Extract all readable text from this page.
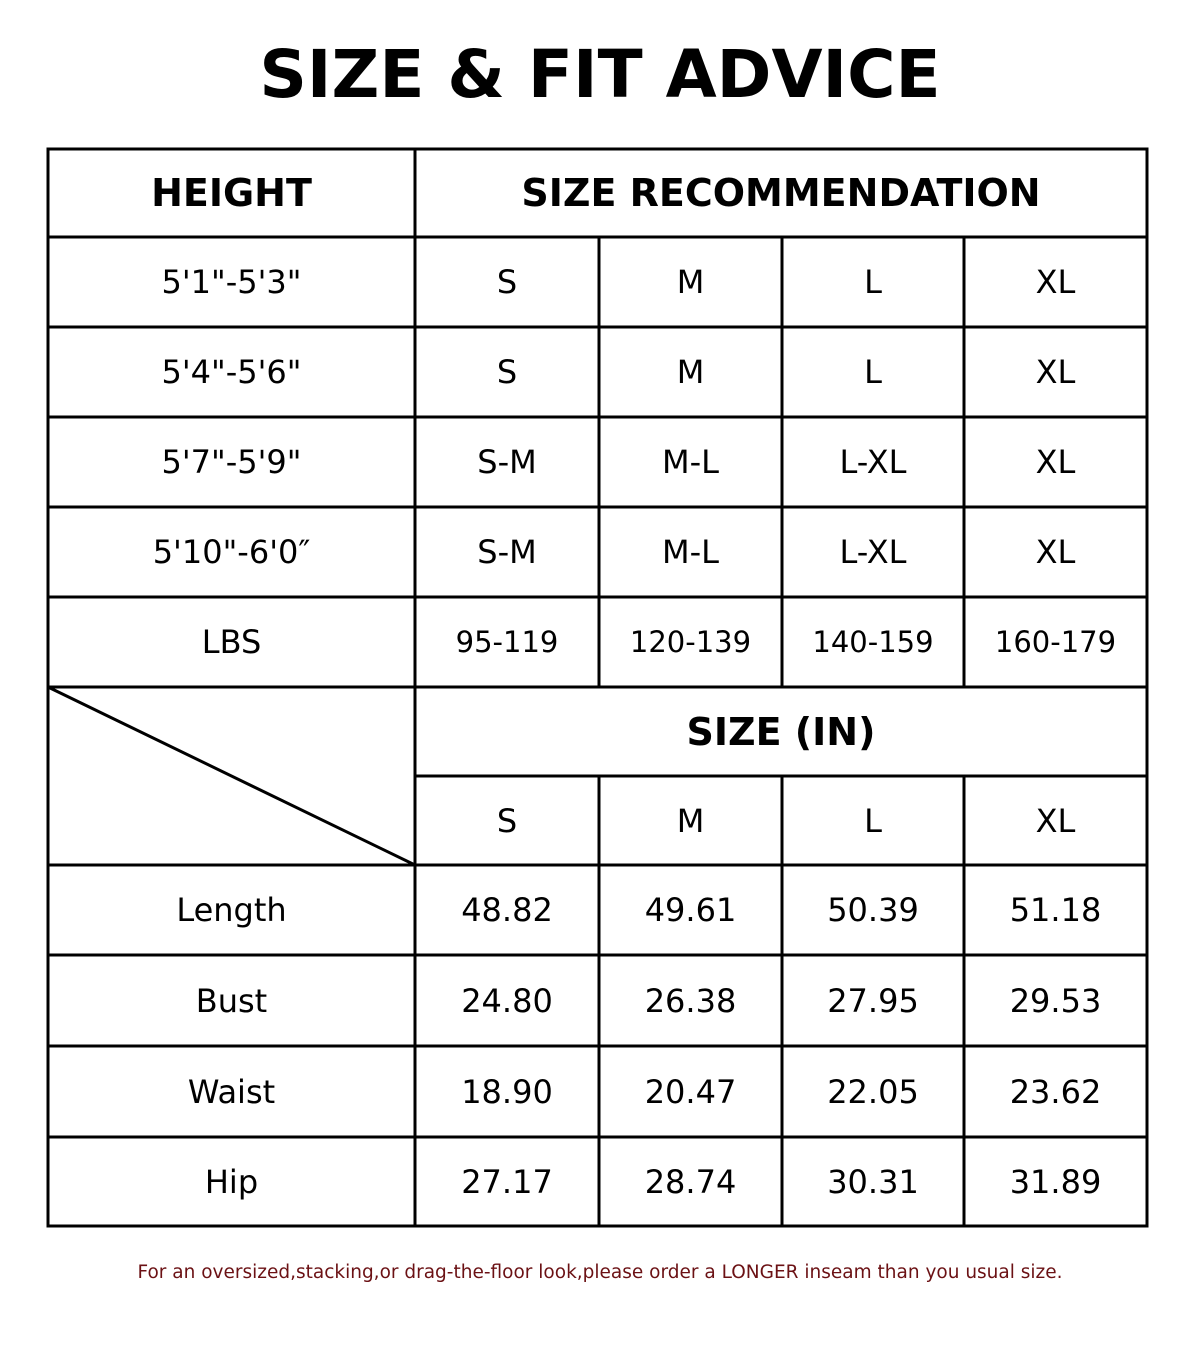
SIZE & FIT ADVICE
HEIGHT	SIZE RECOMMENDATION
5'1"-5'3"	S	M	L	XL
5'4"-5'6"	S	M	L	XL
5'7"-5'9"	S-M	M-L	L-XL	XL
5'10"-6'0″	S-M	M-L	L-XL	XL
LBS	95-119	120-139	140-159	160-179
SIZE (IN)
S	M	L	XL
Length	48.82	49.61	50.39	51.18
Bust	24.80	26.38	27.95	29.53
Waist	18.90	20.47	22.05	23.62
Hip	27.17	28.74	30.31	31.89
For an oversized,stacking,or drag-the-floor look,please order a LONGER inseam than you usual size.
